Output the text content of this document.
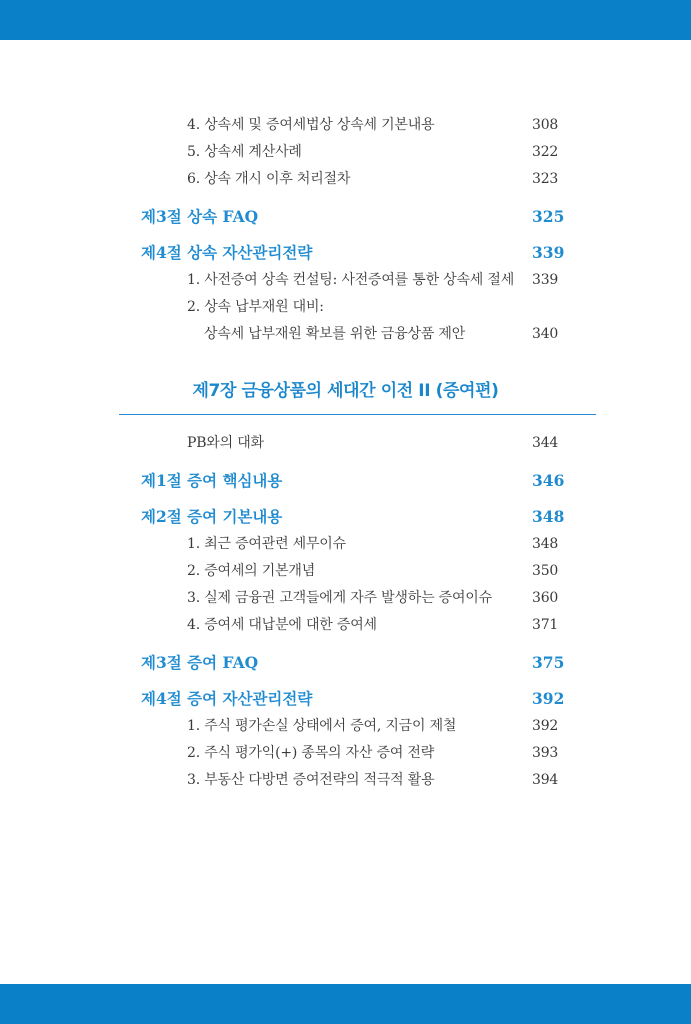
4. 상속세 및 증여세법상 상속세 기본내용	308
5. 상속세 계산사례	322
6. 상속 개시 이후 처리절차	323
제3절 상속 FAQ	325
제4절 상속 자산관리전략	339
1. 사전증여 상속 컨설팅: 사전증여를 통한 상속세 절세 339
2. 상속 납부재원 대비:
상속세 납부재원 확보를 위한 금융상품 제안	340
제7장 금융상품의 세대간 이전 II (증여편)
PB와의 대화	344
제1절 증여 핵심내용	346
제2절 증여 기본내용	348
1. 최근 증여관련 세무이슈	348
2. 증여세의 기본개념	350
3. 실제 금융권 고객들에게 자주 발생하는 증여이슈	360
4. 증여세 대납분에 대한 증여세	371
제3절 증여 FAQ	375
제4절 증여 자산관리전략	392
1. 주식 평가손실 상태에서 증여, 지금이 제철	392
2. 주식 평가익(+) 종목의 자산 증여 전략	393
3. 부동산 다방면 증여전략의 적극적 활용	394
